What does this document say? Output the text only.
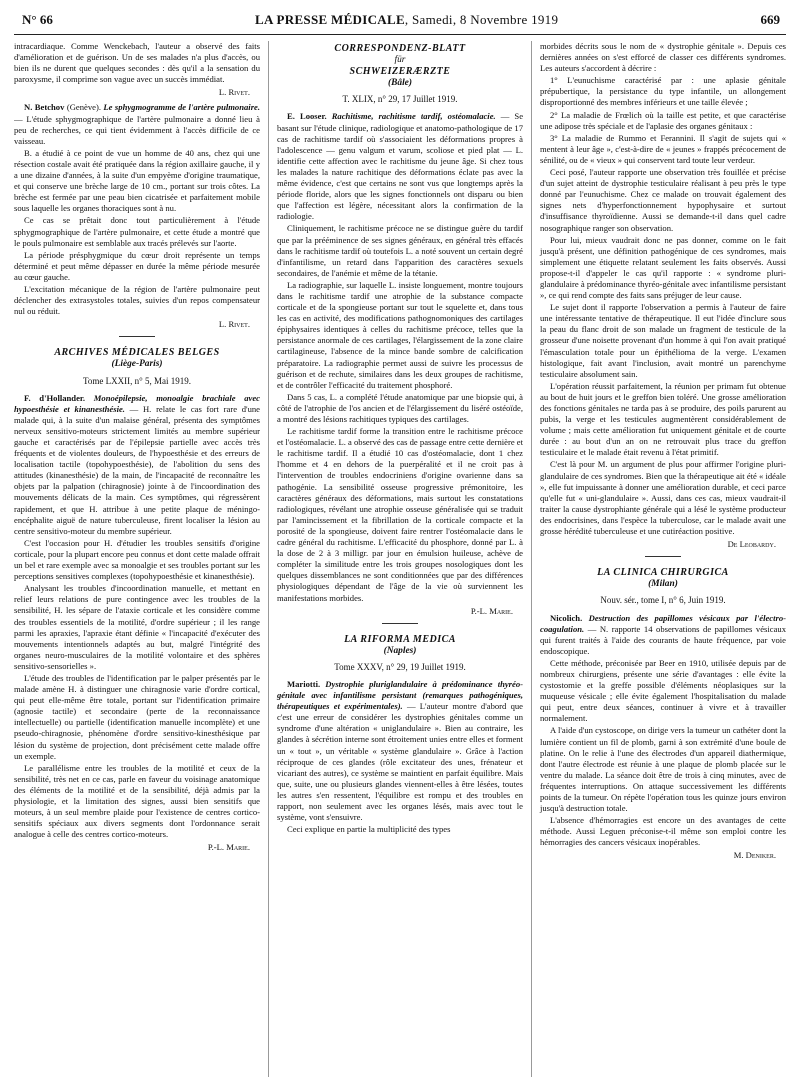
N° 66	LA PRESSE MÉDICALE, Samedi, 8 Novembre 1919	669

intracardiaque. Comme Wenckebach, l'auteur a observé des faits d'amélioration et de guérison. Un de ses malades n'a plus d'accès, ou bien ils ne durent que quelques secondes : dès qu'il a la sensation du paroxysme, il comprime son vague avec un succès immédiat.

L. Rivet.

N. Betchov (Genève). Le sphygmogramme de l'artère pulmonaire. — L'étude sphygmographique de l'artère pulmonaire a donné lieu à peu de recherches, ce qui tient évidemment à l'accès difficile de ce vaisseau.

B. a étudié à ce point de vue un homme de 40 ans, chez qui une résection costale avait été pratiquée dans la région axillaire gauche, il y a une dizaine d'années, à la suite d'un empyème d'origine traumatique, et qui conserve une brèche large de 10 cm., portant sur trois côtes. La brèche est fermée par une peau bien cicatrisée et parfaitement mobile sous laquelle les organes thoraciques sont à nu.

Ce cas se prêtait donc tout particulièrement à l'étude sphygmographique de l'artère pulmonaire, et cette étude a montré que le pouls pulmonaire est semblable aux tracés prélevés sur l'aorte.

La période présphygmique du cœur droit représente un temps déterminé et peut même dépasser en durée la même période mesurée au cœur gauche.

L'excitation mécanique de la région de l'artère pulmonaire peut déclencher des extrasystoles totales, suivies d'un repos compensateur nul ou réduit.

L. Rivet.

ARCHIVES MÉDICALES BELGES

(Liège-Paris)

Tome LXXII, n° 5, Mai 1919.

F. d'Hollander. Monoépilepsie, monoalgie brachiale avec hypoesthésie et kinanesthésie. — H. relate le cas fort rare d'une malade qui, à la suite d'un malaise général, présenta des symptômes nerveux sensitivo-moteurs strictement limités au membre supérieur gauche et caractérisés par de l'épilepsie partielle avec accès très fréquents et de violentes douleurs, de l'hypoesthésie et des erreurs de localisation tactile (topohypoesthésie), de l'abolition du sens des attitudes (kinanesthésie) de la main, de l'incapacité de reconnaître les objets par la palpation (chiragnosie) jointe à de l'incoordination des mouvements délicats de la main. Ces symptômes, qui régressèrent rapidement, et que H. attribue à une petite plaque de méningo-encéphalite aiguë de nature tuberculeuse, firent localiser la lésion au centre sensitivo-moteur du membre supérieur.

C'est l'occasion pour H. d'étudier les troubles sensitifs d'origine corticale, pour la plupart encore peu connus et dont cette malade offrait un bel et rare exemple avec sa monoalgie et ses troubles portant sur les perceptions sensitives complexes (topohypoesthésie et kinanesthésie).

Analysant les troubles d'incoordination manuelle, et mettant en relief leurs relations de pure contingence avec les troubles de la sensibilité, H. les sépare de l'ataxie corticale et les considère comme des troubles essentiels de la motilité, d'ordre supérieur ; il les range parmi les apraxies, l'apraxie étant définie « l'incapacité d'exécuter des mouvements intentionnels adaptés au but, malgré l'intégrité des organes neuro-musculaires de la motilité volontaire et des sphères sensitivo-sensorielles ».

L'étude des troubles de l'identification par le palper présentés par le malade amène H. à distinguer une chiragnosie varie d'ordre cortical, qui peut elle-même être totale, portant sur l'identification primaire (agnosie tactile) et secondaire (perte de la reconnaissance intellectuelle) ou partielle (identification manuelle incomplète) et une pseudo-chiragnosie, phénomène d'ordre sensitivo-kinesthésique par lésion du système de projection, dont précisément cette malade offre un exemple.

Le parallélisme entre les troubles de la motilité et ceux de la sensibilité, très net en ce cas, parle en faveur du voisinage anatomique des éléments de la motilité et de la sensibilité, déjà admis par la physiologie, et la limitation des signes, aussi bien sensitifs que moteurs, à un seul membre plaide pour l'existence de centres cortico-sensitifs spéciaux aux divers segments dont l'ordonnance serait analogue à celle des centres cortico-moteurs.

P.-L. Marie.

CORRESPONDENZ-BLATT

für

SCHWEIZERÆRZTE

(Bâle)

T. XLIX, n° 29, 17 Juillet 1919.

E. Looser. Rachitisme, rachitisme tardif, ostéomalacie. — Se basant sur l'étude clinique, radiologique et anatomo-pathologique de 17 cas de rachitisme tardif où s'associaient les déformations propres à l'adolescence — genu valgum et varum, scoliose et pied plat — L. identifie cette affection avec le rachitisme du jeune âge. Si chez tous les malades la nature rachitique des déformations éclate pas avec la même évidence, c'est que certains ne sont vus que longtemps après la période floride, alors que les signes fonctionnels ont disparu ou bien que l'affection est légère, nécessitant alors la confirmation de la radiologie.

Cliniquement, le rachitisme précoce ne se distingue guère du tardif que par la prééminence de ses signes généraux, en général très effacés dans le rachitisme tardif où toutefois L. a noté souvent un certain degré d'infantilisme, un retard dans l'apparition des caractères sexuels secondaires, de l'anémie et même de la tétanie.

La radiographie, sur laquelle L. insiste longuement, montre toujours dans le rachitisme tardif une atrophie de la substance compacte corticale et de la spongieuse portant sur tout le squelette et, dans tous les cas en activité, des modifications pathognomoniques des cartilages épiphysaires identiques à celles du rachitisme précoce, telles que la persistance anormale de ces cartilages, l'élargissement de la zone claire cartilagineuse, l'absence de la mince bande sombre de calcification préparatoire. La radiographie permet aussi de suivre les processus de guérison et de rechute, similaires dans les deux groupes de rachitisme, et de contrôler l'efficacité du traitement phosphoré.

Dans 5 cas, L. a complété l'étude anatomique par une biopsie qui, à côté de l'atrophie de l'os ancien et de l'élargissement du liséré ostéoïde, a montré des lésions rachitiques typiques des cartilages.

Le rachitisme tardif forme la transition entre le rachitisme précoce et l'ostéomalacie. L. a observé des cas de passage entre cette dernière et le rachitisme tardif. Il a étudié 10 cas d'ostéomalacie, dont 1 chez l'homme et 4 en dehors de la puerpéralité et il ne croit pas à l'intervention de troubles endocriniens d'origine ovarienne dans sa pathogénie. La sensibilité osseuse progressive prémonitoire, les caractères généraux des déformations, mais surtout les constatations radiologiques, révélant une atrophie osseuse généralisée qui se traduit par l'amincissement et la fibrillation de la corticale compacte et la porosité de la spongieuse, doivent faire rentrer l'ostéomalacie dans le cadre général du rachitisme. L'efficacité du phosphore, donné par L. à la dose de 2 à 3 milligr. par jour en émulsion huileuse, achève de compléter la similitude entre les trois groupes nosologiques dont les quelques dissemblances ne sont conditionnées que par des différences physiologiques dépendant de l'âge de la vie où surviennent les manifestations morbides.

P.-L. Marie.

LA RIFORMA MEDICA

(Naples)

Tome XXXV, n° 29, 19 Juillet 1919.

Mariotti. Dystrophie pluriglandulaire à prédominance thyréo-génitale avec infantilisme persistant (remarques pathogéniques, thérapeutiques et expérimentales). — L'auteur montre d'abord que c'est une erreur de considérer les dystrophies génitales comme un syndrome d'une altération « uniglandulaire ». Bien au contraire, les glandes à sécrétion interne sont étroitement unies entre elles et forment un « tout », un véritable « système glandulaire ». Grâce à l'action réciproque de ces glandes (rôle excitateur des unes, frénateur et vicariant des autres), ce système se maintient en parfait équilibre. Mais que, suite, une ou plusieurs glandes viennent-elles à être lésées, toutes les autres s'en ressentent, l'équilibre est rompu et des troubles en rapport, non seulement avec les organes lésés, mais avec tout le système, vont s'ensuivre.

Ceci explique en partie la multiplicité des types

morbides décrits sous le nom de « dystrophie génitale ». Depuis ces dernières années on s'est efforcé de classer ces différents syndromes. Les auteurs s'accordent à décrire :

1° L'eunuchisme caractérisé par : une aplasie génitale prépubertique, la persistance du type infantile, un allongement disproportionné des membres inférieurs et une taille élevée ;

2° La maladie de Frœlich où la taille est petite, et que caractérise une adipose très spéciale et de l'aplasie des organes génitaux :

3° La maladie de Rummo et Ferannini. Il s'agit de sujets qui « mentent à leur âge », c'est-à-dire de « jeunes » frappés précocement de sénilité, ou de « vieux » qui conservent tard toute leur verdeur.

Ceci posé, l'auteur rapporte une observation très fouillée et précise d'un sujet atteint de dystrophie testiculaire réalisant à peu près le type donné par l'eunuchisme. Chez ce malade on trouvait également des signes nets d'hyperfonctionnement hypophysaire et surtout d'insuffisance thyroïdienne. Aussi se demande-t-il dans quel cadre nosographique ranger son observation.

Pour lui, mieux vaudrait donc ne pas donner, comme on le fait jusqu'à présent, une définition pathogénique de ces syndromes, mais simplement une étiquette relatant seulement les faits observés. Aussi propose-t-il d'appeler le cas qu'il rapporte : « syndrome pluri-glandulaire à prédominance thyréo-génitale avec infantilisme persistant », ce qui rend compte des faits sans préjuger de leur cause.

Le sujet dont il rapporte l'observation a permis à l'auteur de faire une intéressante tentative de thérapeutique. Il eut l'idée d'inclure sous la peau du flanc droit de son malade un fragment de testicule de la grosseur d'une noisette provenant d'un homme à qui l'on avait pratiqué l'émasculation totale pour un épithélioma de la verge. L'examen histologique, fait avant l'inclusion, avait montré un parenchyme testiculaire absolument sain.

L'opération réussit parfaitement, la réunion per primam fut obtenue au bout de huit jours et le greffon bien toléré. Une grosse amélioration des fonctions génitales ne tarda pas à se produire, des poils parurent au pubis, la verge et les testicules augmentèrent considérablement de volume ; mais cette amélioration fut uniquement génitale et de courte durée : au bout d'un an on ne retrouvait plus trace du greffon testiculaire et le malade était revenu à l'état primitif.

C'est là pour M. un argument de plus pour affirmer l'origine pluri-glandulaire de ces syndromes. Bien que la thérapeutique ait été « idéale », elle fut impuissante à donner une amélioration durable, et ceci parce qu'elle fut « uni-glandulaire ». Aussi, dans ces cas, mieux vaudrait-il traiter la cause dystrophiante générale qui a lésé le système producteur des endocrisines, dans l'espèce la tuberculose, car le malade avait une grosse hérédité tuberculeuse et une cutiréaction positive.

De Leobardy.

LA CLINICA CHIRURGICA

(Milan)

Nouv. sér., tome I, n° 6, Juin 1919.

Nicolich. Destruction des papillomes vésicaux par l'électro-coagulation. — N. rapporte 14 observations de papillomes vésicaux qui furent traités à l'aide des courants de haute fréquence, par voie endoscopique.

Cette méthode, préconisée par Beer en 1910, utilisée depuis par de nombreux chirurgiens, présente une série d'avantages : elle évite la cystostomie et la greffe possible d'éléments néoplasiques sur la muqueuse vésicale ; elle évite également l'hospitalisation du malade qui peut, entre deux séances, continuer à vivre et à travailler normalement.

A l'aide d'un cystoscope, on dirige vers la tumeur un cathéter dont la lumière contient un fil de plomb, garni à son extrémité d'une boule de platine. On le relie à l'une des électrodes d'un appareil diathermique, dont l'autre électrode est réunie à une plaque de plomb placée sur le ventre du malade. La séance doit être de trois à cinq minutes, avec de fréquentes interruptions. On attaque successivement les différents points de la tumeur. On répète l'opération tous les quinze jours environ jusqu'à destruction totale.

L'absence d'hémorragies est encore un des avantages de cette méthode. Aussi Leguen préconise-t-il même son emploi contre les hémorragies des cancers vésicaux inopérables.

M. Deniker.
